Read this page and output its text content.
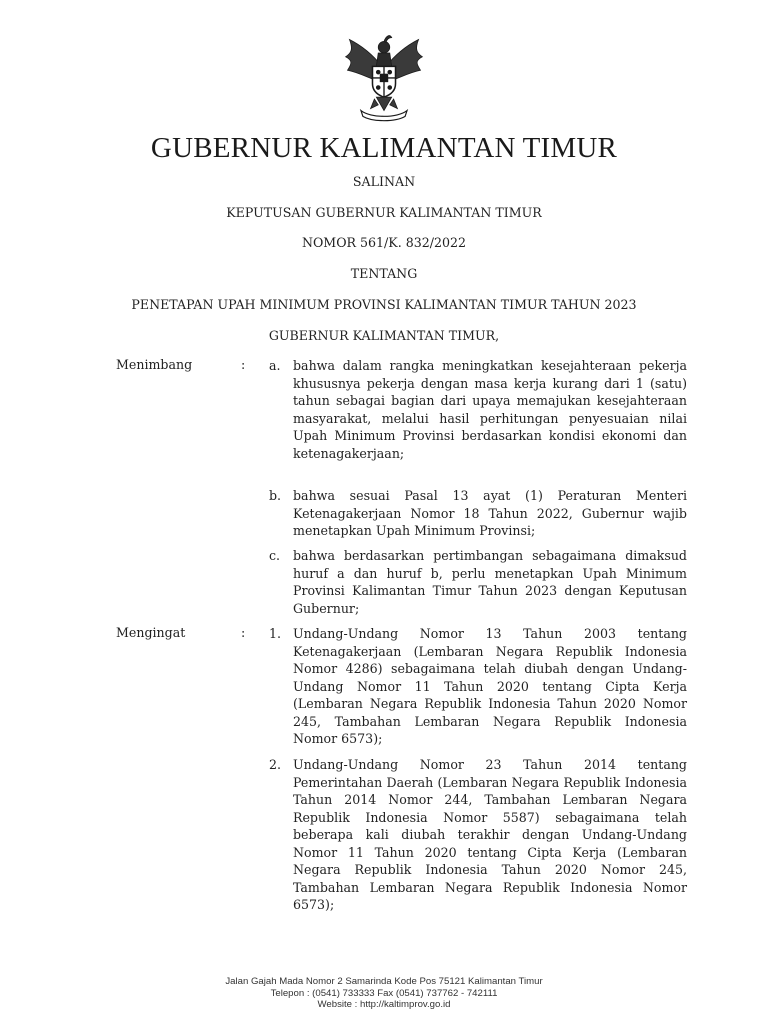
GUBERNUR KALIMANTAN TIMUR
SALINAN
KEPUTUSAN GUBERNUR KALIMANTAN TIMUR
NOMOR 561/K. 832/2022
TENTANG
PENETAPAN UPAH MINIMUM PROVINSI KALIMANTAN TIMUR TAHUN 2023
GUBERNUR KALIMANTAN TIMUR,
Menimbang	: a. bahwa dalam rangka meningkatkan kesejahteraan pekerja khususnya pekerja dengan masa kerja kurang dari 1 (satu) tahun sebagai bagian dari upaya memajukan kesejahteraan masyarakat, melalui hasil perhitungan penyesuaian nilai Upah Minimum Provinsi berdasarkan kondisi ekonomi dan ketenagakerjaan;
b. bahwa sesuai Pasal 13 ayat (1) Peraturan Menteri Ketenagakerjaan Nomor 18 Tahun 2022, Gubernur wajib menetapkan Upah Minimum Provinsi;
c.	bahwa berdasarkan pertimbangan sebagaimana dimaksud huruf a dan huruf b, perlu menetapkan Upah Minimum Provinsi Kalimantan Timur Tahun 2023 dengan Keputusan Gubernur;
Mengingat	: 1. Undang-Undang Nomor 13 Tahun 2003 tentang Ketenagakerjaan (Lembaran Negara Republik Indonesia Nomor 4286) sebagaimana telah diubah dengan Undang-Undang Nomor 11 Tahun 2020 tentang Cipta Kerja (Lembaran Negara Republik Indonesia Tahun 2020 Nomor 245, Tambahan Lembaran Negara Republik Indonesia Nomor 6573);
2. Undang-Undang Nomor 23 Tahun 2014 tentang Pemerintahan Daerah (Lembaran Negara Republik Indonesia Tahun 2014 Nomor 244, Tambahan Lembaran Negara Republik Indonesia Nomor 5587) sebagaimana telah beberapa kali diubah terakhir dengan Undang-Undang Nomor 11 Tahun 2020 tentang Cipta Kerja (Lembaran Negara Republik Indonesia Tahun 2020 Nomor 245, Tambahan Lembaran Negara Republik Indonesia Nomor 6573);
Jalan Gajah Mada Nomor 2 Samarinda Kode Pos 75121 Kalimantan Timur
Telepon : (0541) 733333 Fax (0541) 737762 - 742111
Website : http://kaltimprov.go.id
